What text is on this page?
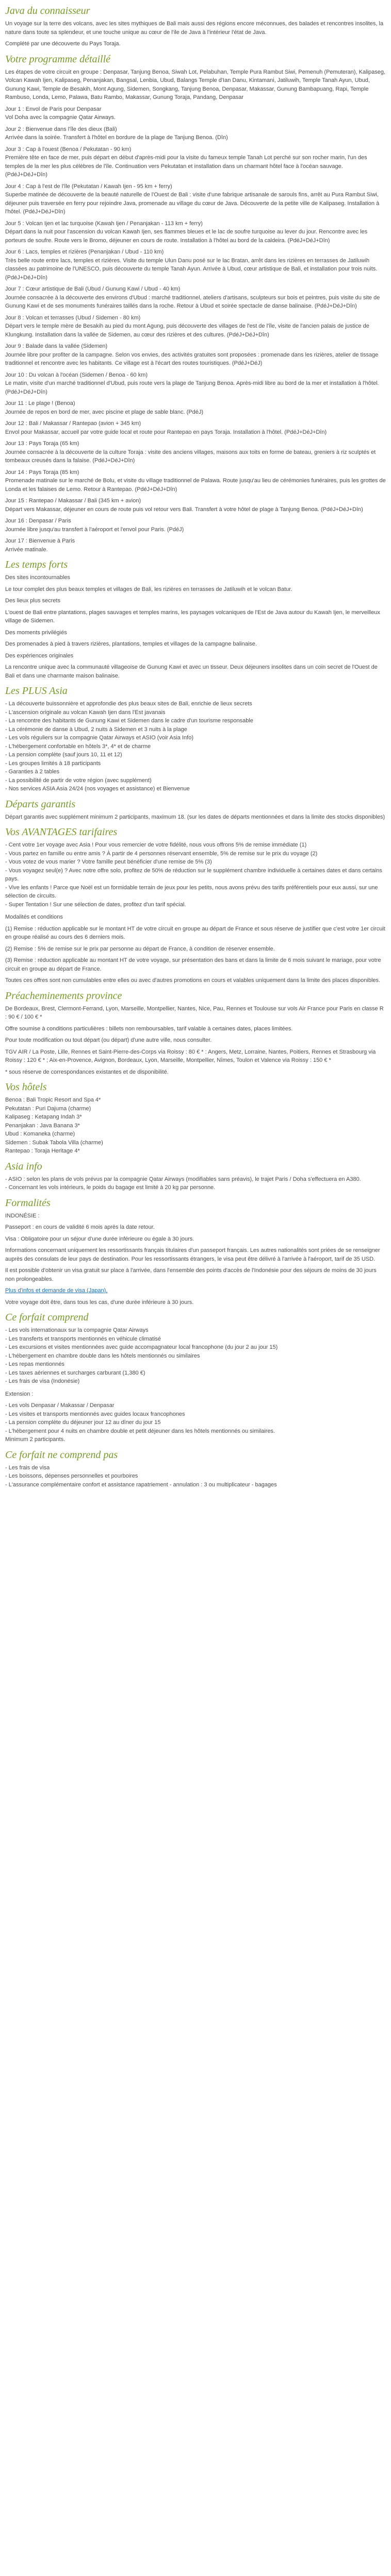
Java du connaisseur

Un voyage sur la terre des volcans, avec les sites mythiques de Bali mais aussi des régions encore méconnues, des balades et rencontres insolites, la nature dans toute sa splendeur, et une touche unique au cœur de l'ile de Java à l'intérieur l'état de Java.

Complété par une découverte du Pays Toraja.

Votre programme détaillé

Les étapes de votre circuit en groupe : Denpasar, Tanjung Benoa, Siwah Lot, Pelabuhan, Temple Pura Rambut Siwi, Pemenuh (Pemuteran), Kalipaseg, Volcan Kawah Ijen, Kalipaseg, Penanjakan, Bangsal, Lenbia, Ubud, Balangs Temple d'Ian Danu, Kintamani, Jatiluwih, Temple Tanah Ayun, Ubud, Gunung Kawi, Temple de Besakih, Mont Agung, Sidemen, Songkang, Tanjung Benoa, Denpasar, Makassar, Gunung Bambapuang, Rapi, Temple Rambuso, Londa, Lemo, Palawa, Batu Rambo, Makassar, Gunung Toraja, Pandang, Denpasar

Jour 1 : Envol de Paris pour Denpasar
Vol Doha avec la compagnie Qatar Airways.
Jour 2 : Bienvenue dans l'île des dieux (Bali)
Arrivée dans la soirée. Transfert à l'hôtel en bordure de la plage de Tanjung Benoa. (Dîn)
Jour 3 : Cap à l'ouest (Benoa / Pekutatan - 90 km)
Première tête en face de mer, puis départ en début d'après-midi pour la visite du fameux temple Tanah Lot perché sur son rocher marin, l'un des temples de la mer les plus célèbres de l'île. Continuation vers Pekutatan et installation dans un charmant hôtel face à l'océan sauvage. (PdéJ+DéJ+Dîn)
Jour 4 : Cap à l'est de l'île (Pekutatan / Kawah Ijen - 95 km + ferry)
Superbe matinée de découverte de la beauté naturelle de l'Ouest de Bali : visite d'une fabrique artisanale de sarouls fins, arrêt au Pura Rambut Siwi, déjeuner puis traversée en ferry pour rejoindre Java, promenade au village du cœur de Java. Découverte de la petite ville de Kalipaseg. Installation à l'hôtel. (PdéJ+DéJ+Dîn)
Jour 5 : Volcan Ijen et lac turquoise (Kawah Ijen / Penanjakan - 113 km + ferry)
Départ dans la nuit pour l'ascension du volcan Kawah Ijen, ses flammes bleues et le lac de soufre turquoise au lever du jour. Rencontre avec les porteurs de soufre. Route vers le Bromo, déjeuner en cours de route. Installation à l'hôtel au bord de la caldeira. (PdéJ+DéJ+Dîn)
Jour 6 : Lacs, temples et rizières (Penanjakan / Ubud - 110 km)
Très belle route entre lacs, temples et rizières. Visite du temple Ulun Danu posé sur le lac Bratan, arrêt dans les rizières en terrasses de Jatiluwih classées au patrimoine de l'UNESCO, puis découverte du temple Tanah Ayun. Arrivée à Ubud, cœur artistique de Bali, et installation pour trois nuits. (PdéJ+DéJ+Dîn)
Jour 7 : Cœur artistique de Bali (Ubud / Gunung Kawi / Ubud - 40 km)
Journée consacrée à la découverte des environs d'Ubud : marché traditionnel, ateliers d'artisans, sculpteurs sur bois et peintres, puis visite du site de Gunung Kawi et de ses monuments funéraires taillés dans la roche. Retour à Ubud et soirée spectacle de danse balinaise. (PdéJ+DéJ+Dîn)
Jour 8 : Volcan et terrasses (Ubud / Sidemen - 80 km)
Départ vers le temple mère de Besakih au pied du mont Agung, puis découverte des villages de l'est de l'île, visite de l'ancien palais de justice de Klungkung. Installation dans la vallée de Sidemen, au cœur des rizières et des cultures. (PdéJ+DéJ+Dîn)
Jour 9 : Balade dans la vallée (Sidemen)
Journée libre pour profiter de la campagne. Selon vos envies, des activités gratuites sont proposées : promenade dans les rizières, atelier de tissage traditionnel et rencontre avec les habitants. Ce village est à l'écart des routes touristiques. (PdéJ+DéJ)
Jour 10 : Du volcan à l'océan (Sidemen / Benoa - 60 km)
Le matin, visite d'un marché traditionnel d'Ubud, puis route vers la plage de Tanjung Benoa. Après-midi libre au bord de la mer et installation à l'hôtel. (PdéJ+DéJ+Dîn)
Jour 11 : Le plage ! (Benoa)
Journée de repos en bord de mer, avec piscine et plage de sable blanc. (PdéJ)
Jour 12 : Bali / Makassar / Rantepao (avion + 345 km)
Envol pour Makassar, accueil par votre guide local et route pour Rantepao en pays Toraja. Installation à l'hôtel. (PdéJ+DéJ+Dîn)
Jour 13 : Pays Toraja (65 km)
Journée consacrée à la découverte de la culture Toraja : visite des anciens villages, maisons aux toits en forme de bateau, greniers à riz sculptés et tombeaux creusés dans la falaise. (PdéJ+DéJ+Dîn)
Jour 14 : Pays Toraja (85 km)
Promenade matinale sur le marché de Bolu, et visite du village traditionnel de Palawa. Route jusqu'au lieu de cérémonies funéraires, puis les grottes de Londa et les falaises de Lemo. Retour à Rantepao. (PdéJ+DéJ+Dîn)
Jour 15 : Rantepao / Makassar / Bali (345 km + avion)
Départ vers Makassar, déjeuner en cours de route puis vol retour vers Bali. Transfert à votre hôtel de plage à Tanjung Benoa. (PdéJ+DéJ+Dîn)
Jour 16 : Denpasar / Paris
Journée libre jusqu'au transfert à l'aéroport et l'envol pour Paris. (PdéJ)
Jour 17 : Bienvenue à Paris
Arrivée matinale.
Les temps forts

Des sites incontournables

Le tour complet des plus beaux temples et villages de Bali, les rizières en terrasses de Jatiluwih et le volcan Batur.

Des lieux plus secrets

L'ouest de Bali entre plantations, plages sauvages et temples marins, les paysages volcaniques de l'Est de Java autour du Kawah Ijen, le merveilleux village de Sidemen.

Des moments privilégiés

Des promenades à pied à travers rizières, plantations, temples et villages de la campagne balinaise.

Des expériences originales

La rencontre unique avec la communauté villageoise de Gunung Kawi et avec un tisseur. Deux déjeuners insolites dans un coin secret de l'Ouest de Bali et dans une charmante maison balinaise.

Les PLUS Asia
- La découverte buissonnière et approfondie des plus beaux sites de Bali, enrichie de lieux secrets
- L'ascension originale au volcan Kawah Ijen dans l'Est javanais
- La rencontre des habitants de Gunung Kawi et Sidemen dans le cadre d'un tourisme responsable
- La cérémonie de danse à Ubud, 2 nuits à Sidemen et 3 nuits à la plage
- Les vols réguliers sur la compagnie Qatar Airways et ASIO (voir Asia Info)
- L'hébergement confortable en hôtels 3*, 4* et de charme
- La pension complète (sauf jours 10, 11 et 12)
- Les groupes limités à 18 participants
- Garanties à 2 tables
- La possibilité de partir de votre région (avec supplément)
- Nos services ASIA Asia 24/24 (nos voyages et assistance) et Bienvenue
Départs garantis

Départ garantis avec supplément minimum 2 participants, maximum 18. (sur les dates de départs mentionnées et dans la limite des stocks disponibles)

Vos AVANTAGES tarifaires
- Cent votre 1er voyage avec Asia ! Pour vous remercier de votre fidélité, nous vous offrons 5% de remise immédiate (1)
- Vous partez en famille ou entre amis ? À partir de 4 personnes réservant ensemble, 5% de remise sur le prix du voyage (2)
- Vous votez de vous marier ? Votre famille peut bénéficier d'une remise de 5% (3)
- Vous voyagez seul(e) ? Avec notre offre solo, profitez de 50% de réduction sur le supplément chambre individuelle à certaines dates et dans certains pays.
- Vive les enfants ! Parce que Noël est un formidable terrain de jeux pour les petits, nous avons prévu des tarifs préférentiels pour eux aussi, sur une sélection de circuits.
- Super Tentation ! Sur une sélection de dates, profitez d'un tarif spécial.

Modalités et conditions

(1) Remise : réduction applicable sur le montant HT de votre circuit en groupe au départ de France et sous réserve de justifier que c'est votre 1er circuit en groupe réalisé au cours des 6 derniers mois.

(2) Remise : 5% de remise sur le prix par personne au départ de France, à condition de réserver ensemble.

(3) Remise : réduction applicable au montant HT de votre voyage, sur présentation des bans et dans la limite de 6 mois suivant le mariage, pour votre circuit en groupe au départ de France.

Toutes ces offres sont non cumulables entre elles ou avec d'autres promotions en cours et valables uniquement dans la limite des places disponibles.

Préacheminements province

De Bordeaux, Brest, Clermont-Ferrand, Lyon, Marseille, Montpellier, Nantes, Nice, Pau, Rennes et Toulouse sur vols Air France pour Paris en classe R : 90 € / 100 € *

Offre soumise à conditions particulières : billets non remboursables, tarif valable à certaines dates, places limitées.

Pour toute modification ou tout départ (ou départ) d'une autre ville, nous consulter.

TGV AIR / La Poste, Lille, Rennes et Saint-Pierre-des-Corps via Roissy : 80 € * : Angers, Metz, Lorraine, Nantes, Poitiers, Rennes et Strasbourg via Roissy : 120 € * ; Aix-en-Provence, Avignon, Bordeaux, Lyon, Marseille, Montpellier, Nîmes, Toulon et Valence via Roissy : 150 € *

* sous réserve de correspondances existantes et de disponibilité.

Vos hôtels
Benoa : Bali Tropic Resort and Spa 4*
Pekutatan : Puri Dajuma (charme)
Kalipaseg : Ketapang Indah 3*
Penanjakan : Java Banana 3*
Ubud : Komaneka (charme)
Sidemen : Subak Tabola Villa (charme)
Rantepao : Toraja Heritage 4*
Asia info
- ASIO : selon les plans de vols prévus par la compagnie Qatar Airways (modifiables sans préavis), le trajet Paris / Doha s'effectuera en A380.
- Concernant les vols intérieurs, le poids du bagage est limité à 20 kg par personne.
Formalités

INDONÉSIE :

Passeport : en cours de validité 6 mois après la date retour.

Visa : Obligatoire pour un séjour d'une durée inférieure ou égale à 30 jours.

Informations concernant uniquement les ressortissants français titulaires d'un passeport français. Les autres nationalités sont priées de se renseigner auprès des consulats de leur pays de destination. Pour les ressortissants étrangers, le visa peut être délivré à l'arrivée à l'aéroport, tarif de 35 USD.

Il est possible d'obtenir un visa gratuit sur place à l'arrivée, dans l'ensemble des points d'accès de l'Indonésie pour des séjours de moins de 30 jours non prolongeables.

Plus d'infos et demande de visa (Japan),

Votre voyage doit être, dans tous les cas, d'une durée inférieure à 30 jours.

Ce forfait comprend
- Les vols internationaux sur la compagnie Qatar Airways
- Les transferts et transports mentionnés en véhicule climatisé
- Les excursions et visites mentionnées avec guide accompagnateur local francophone (du jour 2 au jour 15)
- L'hébergement en chambre double dans les hôtels mentionnés ou similaires
- Les repas mentionnés
- Les taxes aériennes et surcharges carburant (1,380 €)
- Les frais de visa (Indonésie)

Extension :

- Les vols Denpasar / Makassar / Denpasar
- Les visites et transports mentionnés avec guides locaux francophones
- La pension complète du déjeuner jour 12 au dîner du jour 15
- L'hébergement pour 4 nuits en chambre double et petit déjeuner dans les hôtels mentionnés ou similaires.
Minimum 2 participants.
Ce forfait ne comprend pas
- Les frais de visa
- Les boissons, dépenses personnelles et pourboires
- L'assurance complémentaire confort et assistance rapatriement - annulation : 3 ou multiplicateur - bagages
